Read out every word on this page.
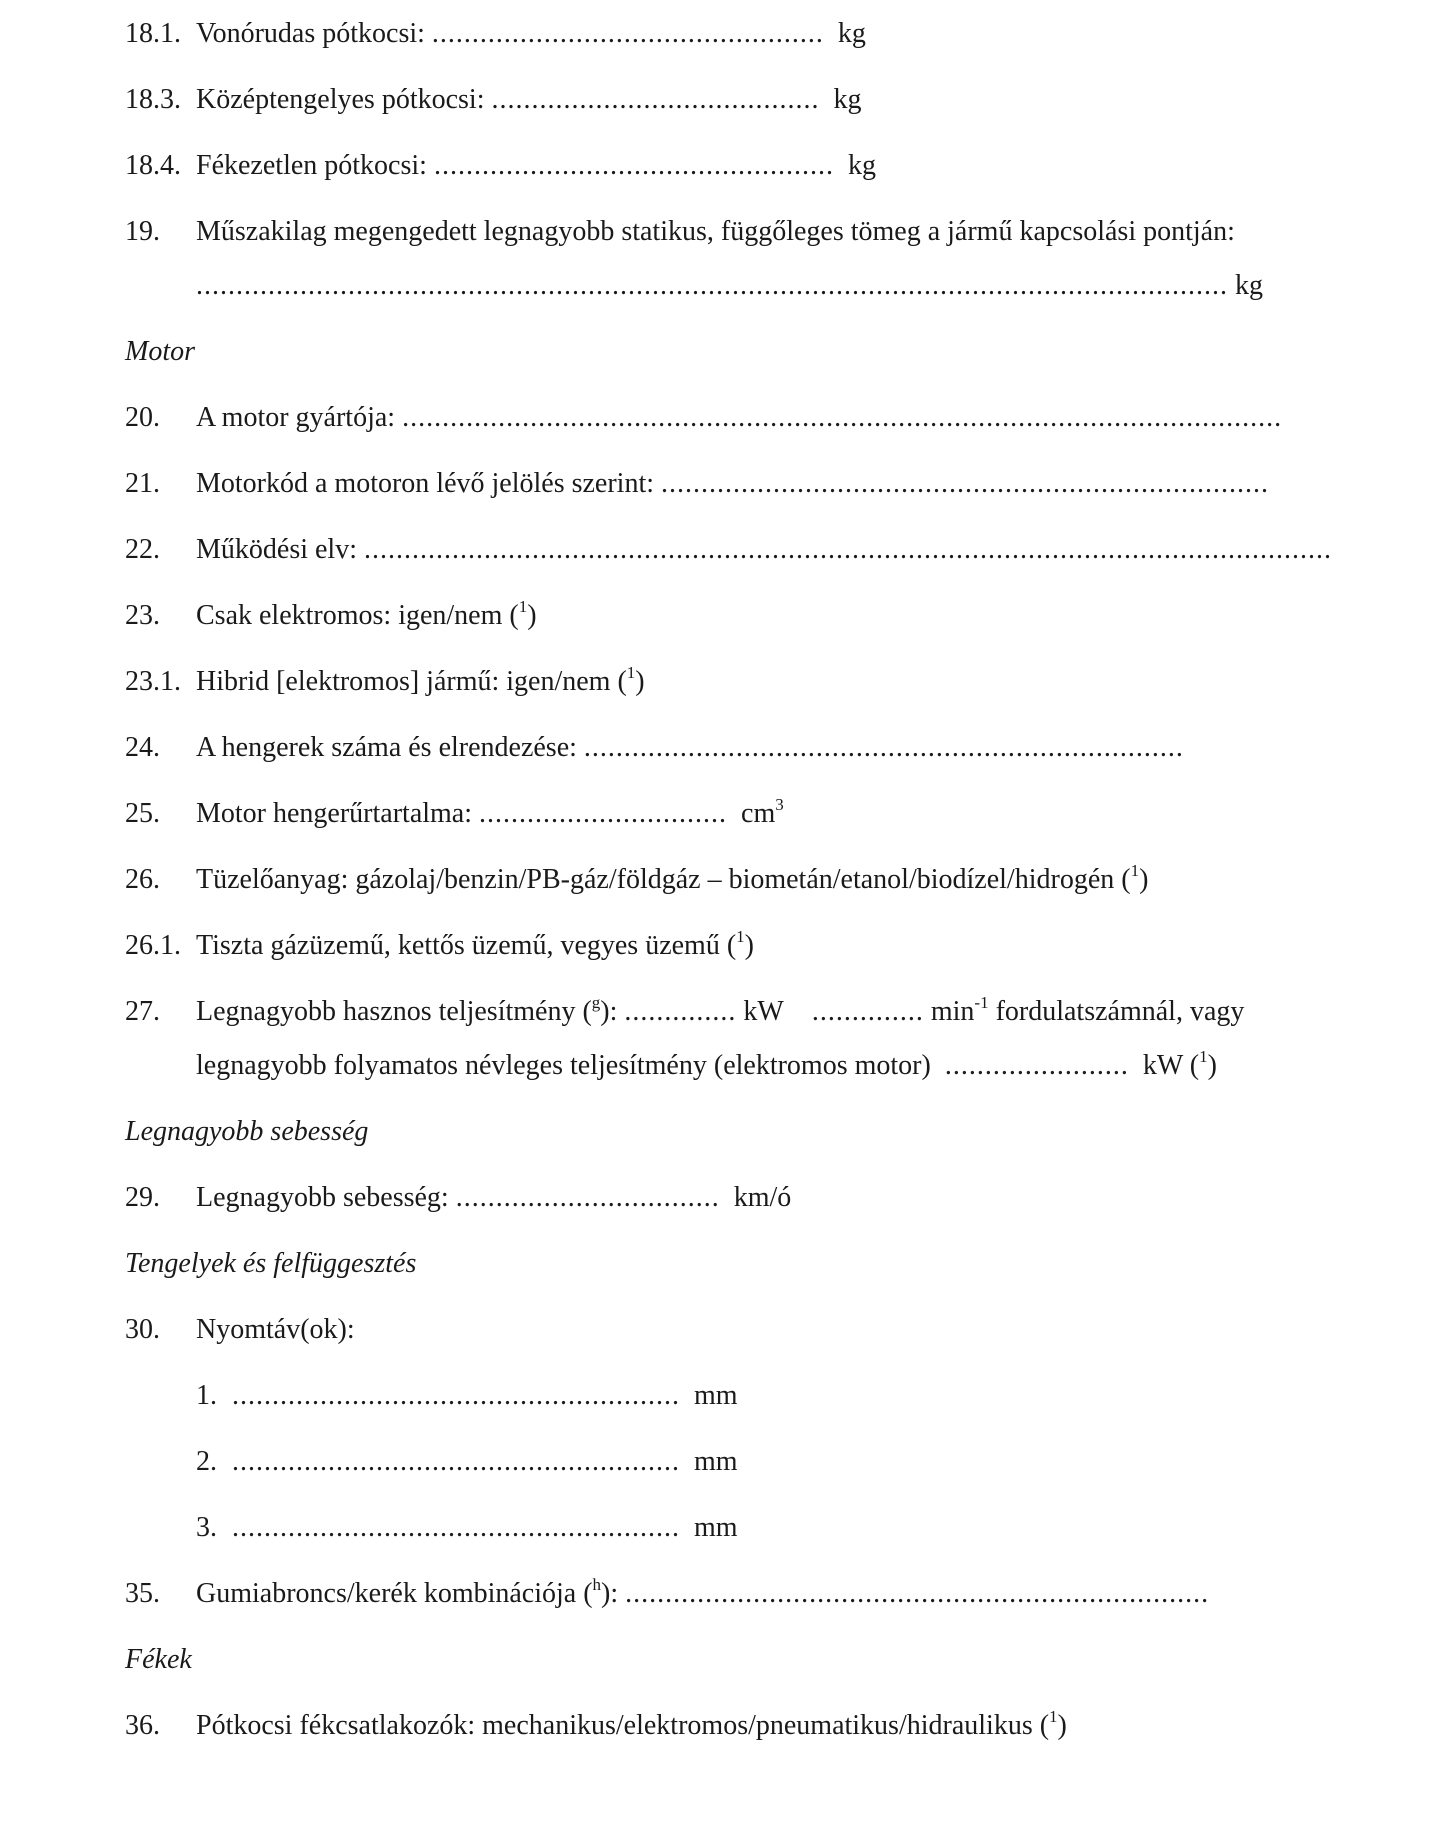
18.1. Vonórudas pótkocsi: ................................................. kg
18.3. Középtengelyes pótkocsi: ......................................... kg
18.4. Fékezetlen pótkocsi: .................................................. kg
19. Műszakilag megengedett legnagyobb statikus, függőleges tömeg a jármű kapcsolási pontján:
................................................................................................................................. kg
Motor
20. A motor gyártója: ..............................................................................................................
21. Motorkód a motoron lévő jelölés szerint: ............................................................................
22. Működési elv: .........................................................................................................................
23. Csak elektromos: igen/nem ($^1$)
23.1. Hibrid [elektromos] jármű: igen/nem ($^1$)
24. A hengerek száma és elrendezése: ...........................................................................
25. Motor hengerűrtartalma: ............................... $cm^3$
26. Tüzelőanyag: gázolaj/benzin/PB-gáz/földgáz – biometán/etanol/biodízel/hidrogén ($^1$)
26.1. Tiszta gázüzemű, kettős üzemű, vegyes üzemű ($^1$)
27. Legnagyobb hasznos teljesítmény ($^g$): .............. kW .............. $\min^{-1}$ fordulatszámnál, vagy
legnagyobb folyamatos névleges teljesítmény (elektromos motor) ....................... kW ($^1$)
Legnagyobb sebesség
29. Legnagyobb sebesség: ................................. km/ó
Tengelyek és felfüggesztés
30. Nyomtáv(ok):
1. ........................................................ mm
2. ........................................................ mm
3. ........................................................ mm
35. Gumiabroncs/kerék kombinációja ($^h$): .........................................................................
Fékek
36. Pótkocsi fékcsatlakozók: mechanikus/elektromos/pneumatikus/hidraulikus ($^1$)
